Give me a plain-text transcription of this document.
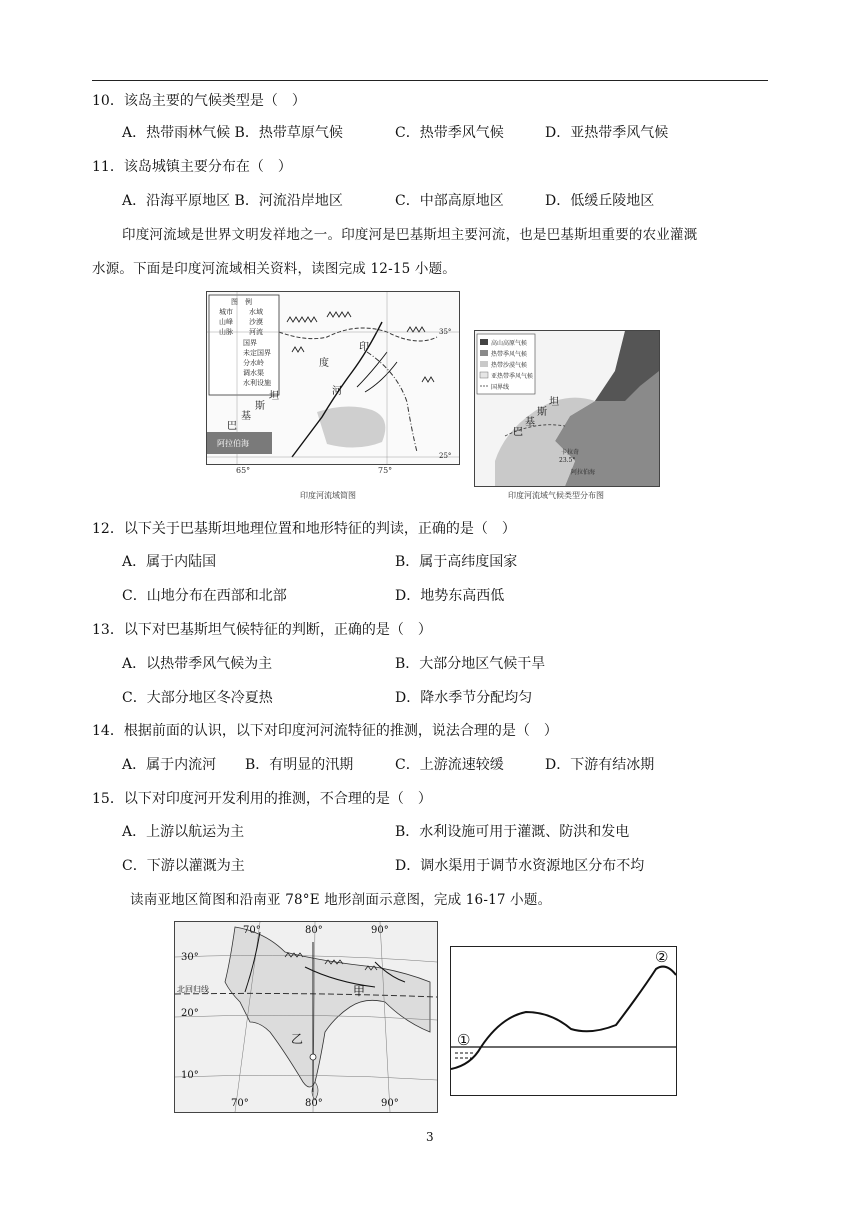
10．该岛主要的气候类型是（　）
A．热带雨林气候 B．热带草原气候	C．热带季风气候	D．亚热带季风气候
11．该岛城镇主要分布在（　）
A．沿海平原地区 B．河流沿岸地区	C．中部高原地区	D．低缓丘陵地区
印度河流域是世界文明发祥地之一。印度河是巴基斯坦主要河流，也是巴基斯坦重要的农业灌溉
水源。下面是印度河流域相关资料，读图完成 12-15 小题。
图　例
城市 水域
山峰 沙漠
山脉 河流
国界
未定国界
分水岭
调水渠
水利设施
35°
25°
印
度
河
巴
基
斯
坦
阿拉伯海
65°	75°
印度河流域简图
高山高原气候
热带季风气候
热带沙漠气候
亚热带季风气候
国界线
巴
基
斯
坦
卡拉奇
23.5°
阿拉伯海
印度河流域气候类型分布图
12．以下关于巴基斯坦地理位置和地形特征的判读，正确的是（　）
A．属于内陆国	B．属于高纬度国家
C．山地分布在西部和北部	D．地势东高西低
13．以下对巴基斯坦气候特征的判断，正确的是（　）
A．以热带季风气候为主	B．大部分地区气候干旱
C．大部分地区冬冷夏热	D．降水季节分配均匀
14．根据前面的认识，以下对印度河河流特征的推测，说法合理的是（　）
A．属于内流河 B．有明显的汛期	C．上游流速较缓	D．下游有结冰期
15．以下对印度河开发利用的推测，不合理的是（　）
A．上游以航运为主	B．水利设施可用于灌溉、防洪和发电
C．下游以灌溉为主	D．调水渠用于调节水资源地区分布不均
读南亚地区简图和沿南亚 78°E 地形剖面示意图，完成 16-17 小题。
70°	80°	90°
30°
20°
10°
北回归线	甲
乙
70°	80°	90°
①
②
3
